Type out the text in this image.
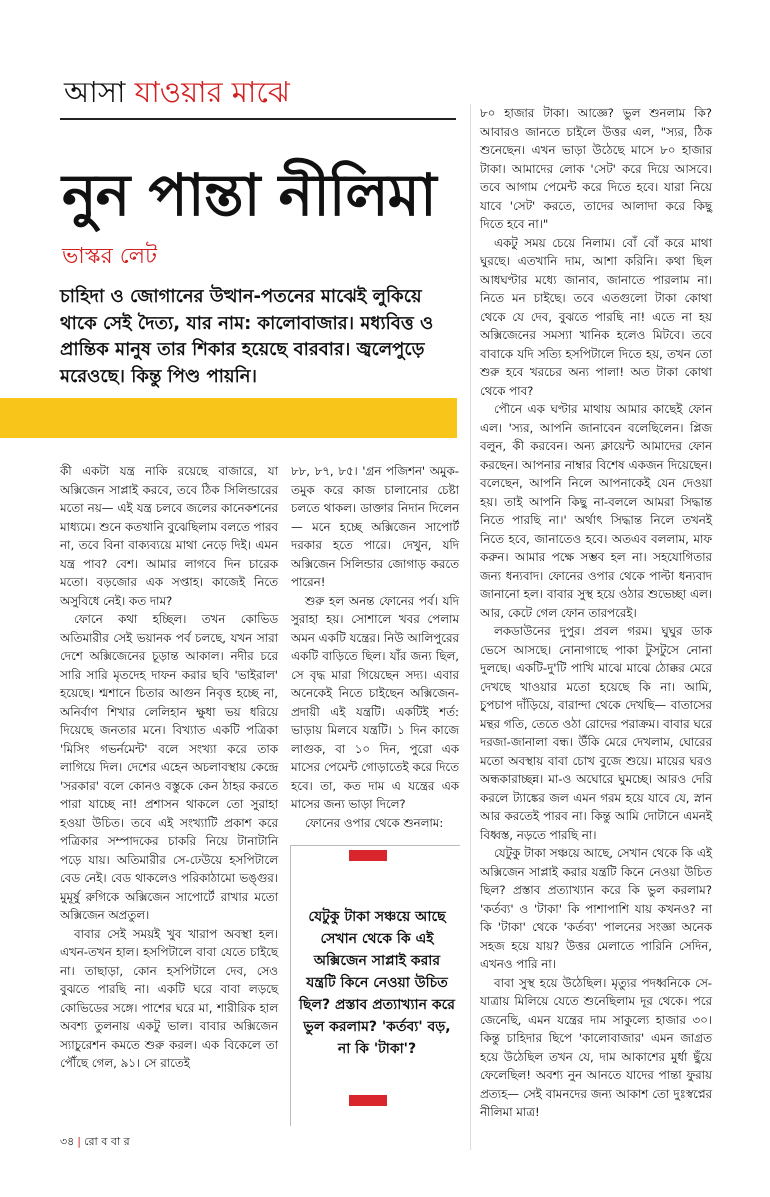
আসা যাওয়ার মাঝে
নুন পান্তা নীলিমা
ভাস্কর লেট
চাহিদা ও জোগানের উত্থান-পতনের মাঝেই লুকিয়ে থাকে সেই দৈত্য, যার নাম: কালোবাজার। মধ্যবিত্ত ও প্রান্তিক মানুষ তার শিকার হয়েছে বারবার। জ্বলেপুড়ে মরেওছে। কিন্তু পিণ্ড পায়নি।

কী একটা যন্ত্র নাকি রয়েছে বাজারে, যা অক্সিজেন সাপ্লাই করবে, তবে ঠিক সিলিন্ডারের মতো নয়— এই যন্ত্র চলবে জলের কানেকশনের মাধ্যমে। শুনে কতখানি বুঝেছিলাম বলতে পারব না, তবে বিনা বাক্যব্যয়ে মাথা নেড়ে দিই। এমন যন্ত্র পাব? বেশ। আমার লাগবে দিন চারেক মতো। বড়জোর এক সপ্তাহ। কাজেই নিতে অসুবিধে নেই। কত দাম?

ফোনে কথা হচ্ছিল। তখন কোভিড অতিমারীর সেই ভয়ানক পর্ব চলছে, যখন সারা দেশে অক্সিজেনের চূড়ান্ত আকাল। নদীর চরে সারি সারি মৃতদেহ দাফন করার ছবি 'ভাইরাল' হয়েছে। শ্মশানে চিতার আগুন নিবৃত্ত হচ্ছে না, অনির্বাণ শিখার লেলিহান ক্ষুধা ভয় ধরিয়ে দিয়েছে জনতার মনে। বিখ্যাত একটি পত্রিকা 'মিসিং গভর্নমেন্ট' বলে সংখ্যা করে তাক লাগিয়ে দিল। দেশের এহেন অচলাবস্থায় কেন্দ্রে 'সরকার' বলে কোনও বস্তুকে কেন ঠাহর করতে পারা যাচ্ছে না! প্রশাসন থাকলে তো সুরাহা হওয়া উচিত। তবে এই সংখ্যাটি প্রকাশ করে পত্রিকার সম্পাদকের চাকরি নিয়ে টানাটানি পড়ে যায়। অতিমারীর সে-ঢেউয়ে হসপিটালে বেড নেই। বেড থাকলেও পরিকাঠামো ভঙ্গুর। মুমূর্ষু রুগিকে অক্সিজেন সাপোর্টে রাখার মতো অক্সিজেন অপ্রতুল।

বাবার সেই সময়ই খুব খারাপ অবস্থা হল। এখন-তখন হাল। হসপিটালে বাবা যেতে চাইছে না। তাছাড়া, কোন হসপিটালে দেব, সেও বুঝতে পারছি না। একটি ঘরে বাবা লড়ছে কোভিডের সঙ্গে। পাশের ঘরে মা, শারীরিক হাল অবশ্য তুলনায় একটু ভাল। বাবার অক্সিজেন স্যাচুরেশন কমতে শুরু করল। এক বিকেলে তা পৌঁছে গেল, ৯১। সে রাতেই

৮৮, ৮৭, ৮৫। 'গ্রন পজিশন' অমুক-তমুক করে কাজ চালানোর চেষ্টা চলতে থাকল। ডাক্তার নিদান দিলেন— মনে হচ্ছে অক্সিজেন সাপোর্ট দরকার হতে পারে। দেখুন, যদি অক্সিজেন সিলিন্ডার জোগাড় করতে পারেন!

শুরু হল অনন্ত ফোনের পর্ব। যদি সুরাহা হয়। সোশালে খবর পেলাম অমন একটি যন্ত্রের। নিউ আলিপুরের একটি বাড়িতে ছিল। যাঁর জন্য ছিল, সে বৃদ্ধ মারা গিয়েছেন সদ্য। এবার অনেকেই নিতে চাইছেন অক্সিজেন-প্রদায়ী এই যন্ত্রটি। একটিই শর্ত: ভাড়ায় মিলবে যন্ত্রটি। ১ দিন কাজে লাগুক, বা ১০ দিন, পুরো এক মাসের পেমেন্ট গোড়াতেই করে দিতে হবে। তা, কত দাম এ যন্ত্রের এক মাসের জন্য ভাড়া দিলে?

ফোনের ওপার থেকে শুনলাম:

যেটুকু টাকা সঞ্চয়ে আছে সেখান থেকে কি এই অক্সিজেন সাপ্লাই করার যন্ত্রটি কিনে নেওয়া উচিত ছিল? প্রস্তাব প্রত্যাখ্যান করে ভুল করলাম? 'কর্তব্য' বড়, না কি 'টাকা'?

৮০ হাজার টাকা। আজ্ঞে? ভুল শুনলাম কি? আবারও জানতে চাইলে উত্তর এল, "স্যর, ঠিক শুনেছেন। এখন ভাড়া উঠেছে মাসে ৮০ হাজার টাকা। আমাদের লোক 'সেট' করে দিয়ে আসবে। তবে আগাম পেমেন্ট করে দিতে হবে। যারা নিয়ে যাবে 'সেট' করতে, তাদের আলাদা করে কিছু দিতে হবে না।"

একটু সময় চেয়ে নিলাম। বোঁ বোঁ করে মাথা ঘুরছে। এতখানি দাম, আশা করিনি। কথা ছিল আধঘণ্টার মধ্যে জানাব, জানাতে পারলাম না। নিতে মন চাইছে। তবে এতগুলো টাকা কোথা থেকে যে দেব, বুঝতে পারছি না! এতে না হয় অক্সিজেনের সমস্যা খানিক হলেও মিটবে। তবে বাবাকে যদি সত্যি হসপিটালে দিতে হয়, তখন তো শুরু হবে খরচের অন্য পালা! অত টাকা কোথা থেকে পাব?

পৌনে এক ঘণ্টার মাথায় আমার কাছেই ফোন এল। 'স্যর, আপনি জানাবেন বলেছিলেন। প্লিজ বলুন, কী করবেন। অন্য ক্লায়েন্ট আমাদের ফোন করছেন। আপনার নাম্বার বিশেষ একজন দিয়েছেন। বলেছেন, আপনি নিলে আপনাকেই যেন দেওয়া হয়। তাই আপনি কিছু না-বললে আমরা সিদ্ধান্ত নিতে পারছি না।' অর্থাৎ সিদ্ধান্ত নিলে তখনই নিতে হবে, জানাতেও হবে। অতএব বললাম, মাফ করুন। আমার পক্ষে সম্ভব হল না। সহযোগিতার জন্য ধন্যবাদ। ফোনের ওপার থেকে পাল্টা ধন্যবাদ জানানো হল। বাবার সুস্থ হয়ে ওঠার শুভেচ্ছা এল। আর, কেটে গেল ফোন তারপরেই।

লকডাউনের দুপুর। প্রবল গরম। ঘুঘুর ডাক ভেসে আসছে। নোনাগাছে পাকা টুসটুসে নোনা দুলছে। একটি-দু'টি পাখি মাঝে মাঝে ঠোক্কর মেরে দেখছে খাওয়ার মতো হয়েছে কি না। আমি, চুপচাপ দাঁড়িয়ে, বারান্দা থেকে দেখছি— বাতাসের মন্থর গতি, তেতে ওঠা রোদের পরাক্রম। বাবার ঘরে দরজা-জানালা বন্ধ। উঁকি মেরে দেখলাম, ঘোরের মতো অবস্থায় বাবা চোখ বুজে শুয়ে। মায়ের ঘরও অন্ধকারাচ্ছন্ন। মা-ও অঘোরে ঘুমচ্ছে। আরও দেরি করলে ট্যাঙ্কের জল এমন গরম হয়ে যাবে যে, স্নান আর করতেই পারব না। কিন্তু আমি দোটানে এমনই বিধ্বস্ত, নড়তে পারছি না।

যেটুকু টাকা সঞ্চয়ে আছে, সেখান থেকে কি এই অক্সিজেন সাপ্লাই করার যন্ত্রটি কিনে নেওয়া উচিত ছিল? প্রস্তাব প্রত্যাখ্যান করে কি ভুল করলাম? 'কর্তব্য' ও 'টাকা' কি পাশাপাশি যায় কখনও? না কি 'টাকা' থেকে 'কর্তব্য' পালনের সংজ্ঞা অনেক সহজ হয়ে যায়? উত্তর মেলাতে পারিনি সেদিন, এখনও পারি না।

বাবা সুস্থ হয়ে উঠেছিল। মৃত্যুর পদধ্বনিকে সে-যাত্রায় মিলিয়ে যেতে শুনেছিলাম দূর থেকে। পরে জেনেছি, এমন যন্ত্রের দাম সাকুল্যে হাজার ৩০। কিন্তু চাহিদার ছিপে 'কালোবাজার' এমন জাগ্রত হয়ে উঠেছিল তখন যে, দাম আকাশের মুর্ধা ছুঁয়ে ফেলেছিল! অবশ্য নুন আনতে যাদের পান্তা ফুরায় প্রত্যহ— সেই বামনদের জন্য আকাশ তো দুঃস্বপ্নের নীলিমা মাত্র!

৩৪ | রো ব বা র
